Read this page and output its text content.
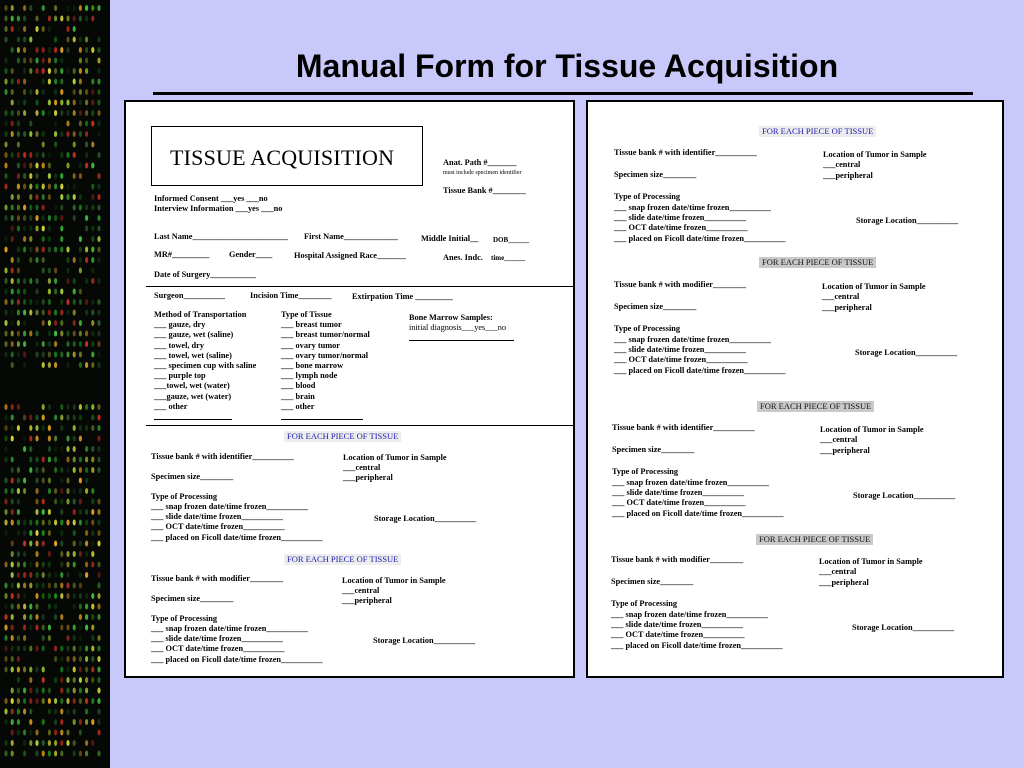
Manual Form for Tissue Acquisition
TISSUE ACQUISITION	Anat. Path #_______
must include specimen identifier
Tissue Bank #________
Informed Consent ___yes ___no
Interview Information ___yes ___no
Last Name_______________________ First Name_____________	Middle Initial__ DOB______
MR#_________ Gender____	Hospital Assigned Race_______	Anes. Indc. time______
Date of Surgery___________
Surgeon__________	Incision Time________ Extirpation Time _________
Method of Transportation
___ gauze, dry
___ gauze, wet (saline)
___ towel, dry
___ towel, wet (saline)
___ specimen cup with saline
___ purple top
___towel, wet (water)
___gauze, wet (water)
___ other
Type of Tissue
___ breast tumor
___ breast tumor/normal
___ ovary tumor
___ ovary tumor/normal
___ bone marrow
___ lymph node
___ blood
___ brain
___ other
Bone Marrow Samples:
initial diagnosis___yes___no
FOR EACH PIECE OF TISSUE
Tissue bank # with identifier__________
Specimen size________
Type of Processing
___ snap frozen date/time frozen__________
___ slide date/time frozen__________
___ OCT date/time frozen__________
___ placed on Ficoll date/time frozen__________
Location of Tumor in Sample
___central
___peripheral
Storage Location__________
FOR EACH PIECE OF TISSUE
Tissue bank # with modifier________
Specimen size________
Type of Processing
___ snap frozen date/time frozen__________
___ slide date/time frozen__________
___ OCT date/time frozen__________
___ placed on Ficoll date/time frozen__________
Location of Tumor in Sample
___central
___peripheral
Storage Location__________
FOR EACH PIECE OF TISSUE
Tissue bank # with identifier__________
Specimen size________
Type of Processing
___ snap frozen date/time frozen__________
___ slide date/time frozen__________
___ OCT date/time frozen__________
___ placed on Ficoll date/time frozen__________
Location of Tumor in Sample
___central
___peripheral
Storage Location__________
FOR EACH PIECE OF TISSUE
Tissue bank # with modifier________
Specimen size________
Type of Processing
___ snap frozen date/time frozen__________
___ slide date/time frozen__________
___ OCT date/time frozen__________
___ placed on Ficoll date/time frozen__________
Location of Tumor in Sample
___central
___peripheral
Storage Location__________
FOR EACH PIECE OF TISSUE
Tissue bank # with identifier__________
Specimen size________
Type of Processing
___ snap frozen date/time frozen__________
___ slide date/time frozen__________
___ OCT date/time frozen__________
___ placed on Ficoll date/time frozen__________
Location of Tumor in Sample
___central
___peripheral
Storage Location__________
FOR EACH PIECE OF TISSUE
Tissue bank # with modifier________
Specimen size________
Type of Processing
___ snap frozen date/time frozen__________
___ slide date/time frozen__________
___ OCT date/time frozen__________
___ placed on Ficoll date/time frozen__________
Location of Tumor in Sample
___central
___peripheral
Storage Location__________
